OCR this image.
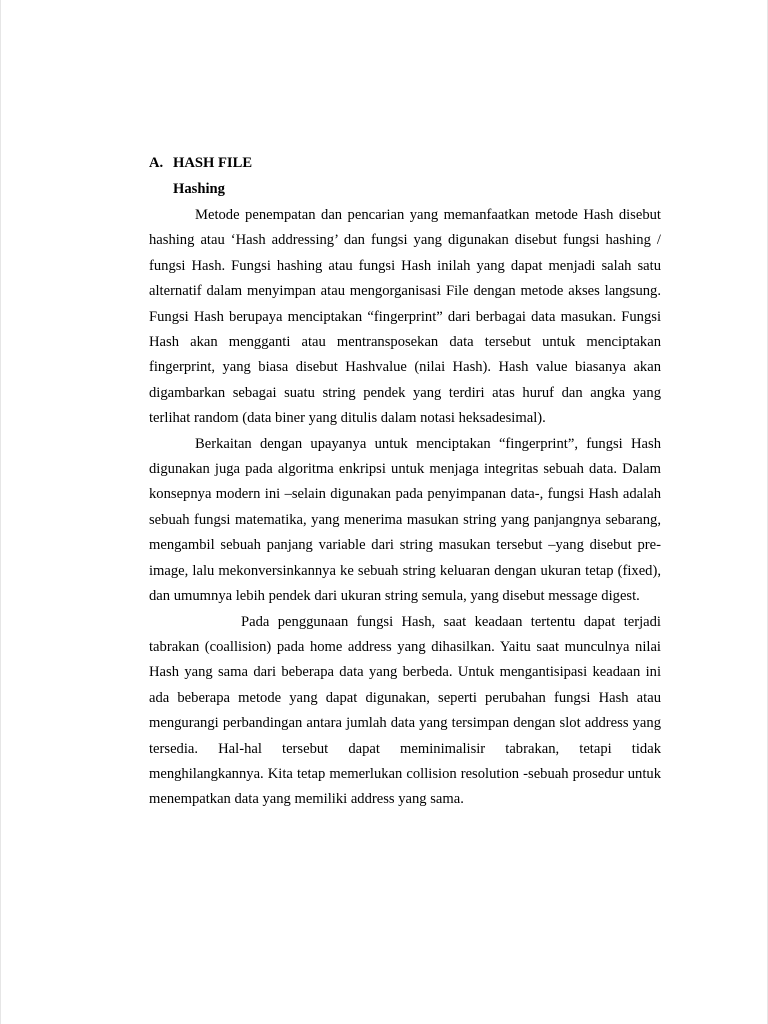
A. HASH FILE
Hashing

Metode penempatan dan pencarian yang memanfaatkan metode Hash disebut hashing atau ‘Hash addressing’ dan fungsi yang digunakan disebut fungsi hashing / fungsi Hash. Fungsi hashing atau fungsi Hash inilah yang dapat menjadi salah satu alternatif dalam menyimpan atau mengorganisasi File dengan metode akses langsung. Fungsi Hash berupaya menciptakan “fingerprint” dari berbagai data masukan. Fungsi Hash akan mengganti atau mentransposekan data tersebut untuk menciptakan fingerprint, yang biasa disebut Hashvalue (nilai Hash). Hash value biasanya akan digambarkan sebagai suatu string pendek yang terdiri atas huruf dan angka yang terlihat random (data biner yang ditulis dalam notasi heksadesimal).

Berkaitan dengan upayanya untuk menciptakan “fingerprint”, fungsi Hash digunakan juga pada algoritma enkripsi untuk menjaga integritas sebuah data. Dalam konsepnya modern ini –selain digunakan pada penyimpanan data-, fungsi Hash adalah sebuah fungsi matematika, yang menerima masukan string yang panjangnya sebarang, mengambil sebuah panjang variable dari string masukan tersebut –yang disebut pre-image, lalu mekonversinkannya ke sebuah string keluaran dengan ukuran tetap (fixed), dan umumnya lebih pendek dari ukuran string semula, yang disebut message digest.

Pada penggunaan fungsi Hash, saat keadaan tertentu dapat terjadi tabrakan (coallision) pada home address yang dihasilkan. Yaitu saat munculnya nilai Hash yang sama dari beberapa data yang berbeda. Untuk mengantisipasi keadaan ini ada beberapa metode yang dapat digunakan, seperti perubahan fungsi Hash atau mengurangi perbandingan antara jumlah data yang tersimpan dengan slot address yang tersedia. Hal-hal tersebut dapat meminimalisir tabrakan, tetapi tidak menghilangkannya. Kita tetap memerlukan collision resolution -sebuah prosedur untuk menempatkan data yang memiliki address yang sama.
